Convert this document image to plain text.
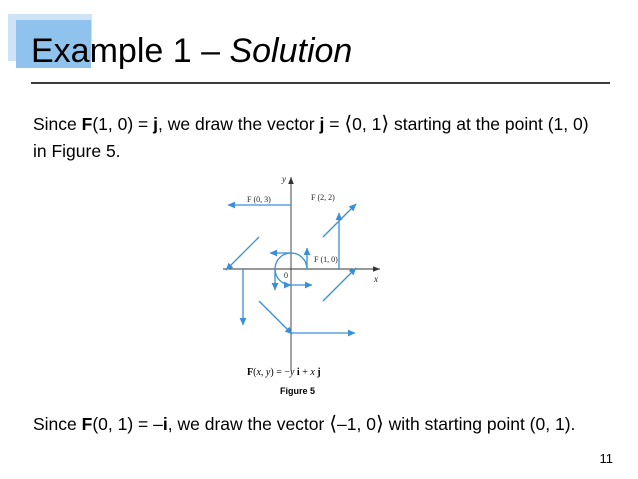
Example 1 – Solution

Since F(1, 0) = j, we draw the vector j = ⟨0, 1⟩ starting at the point (1, 0) in Figure 5.

F (0, 3)	F (2, 2)
F (1, 0)
0	x
y
F(x, y) = −y i + x j
Figure 5

Since F(0, 1) = –i, we draw the vector ⟨–1, 0⟩ with starting point (0, 1).

11
